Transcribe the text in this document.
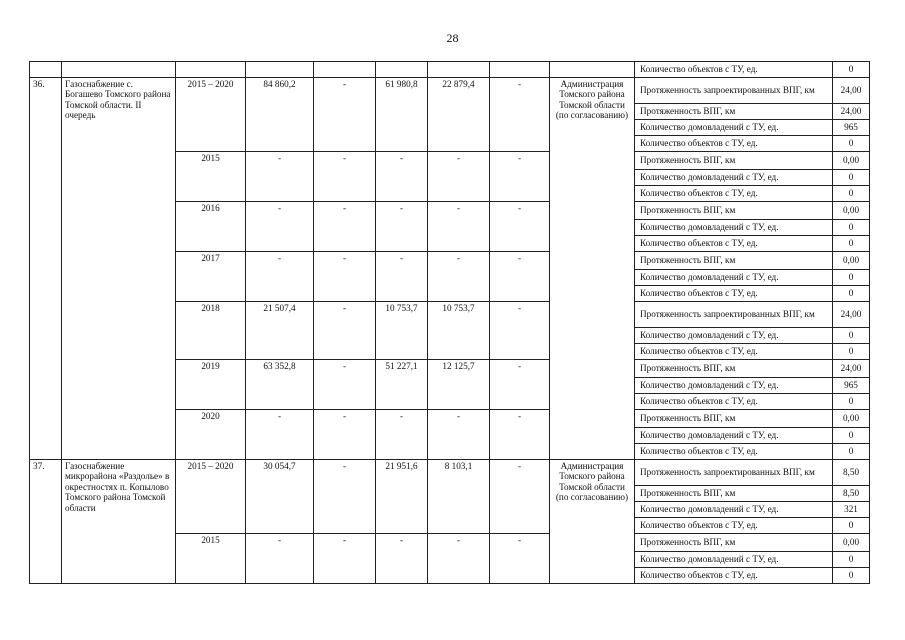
28
									Количество объектов с ТУ, ед.	0
36.	Газоснабжение с. Богашево Томского района Томской области. II очередь	2015 – 2020	84 860,2	-	61 980,8	22 879,4	-	Администрация Томского района Томской области (по согласованию)	Протяженность запроектированных ВПГ, км	24,00
									Протяженность ВПГ, км	24,00
									Количество домовладений с ТУ, ед.	965
									Количество объектов с ТУ, ед.	0
		2015	-	-	-	-	-		Протяженность ВПГ, км	0,00
									Количество домовладений с ТУ, ед.	0
									Количество объектов с ТУ, ед.	0
		2016	-	-	-	-	-		Протяженность ВПГ, км	0,00
									Количество домовладений с ТУ, ед.	0
									Количество объектов с ТУ, ед.	0
		2017	-	-	-	-	-		Протяженность ВПГ, км	0,00
									Количество домовладений с ТУ, ед.	0
									Количество объектов с ТУ, ед.	0
		2018	21 507,4	-	10 753,7	10 753,7	-		Протяженность запроектированных ВПГ, км	24,00
									Количество домовладений с ТУ, ед.	0
									Количество объектов с ТУ, ед.	0
		2019	63 352,8	-	51 227,1	12 125,7	-		Протяженность ВПГ, км	24,00
									Количество домовладений с ТУ, ед.	965
									Количество объектов с ТУ, ед.	0
		2020	-	-	-	-	-		Протяженность ВПГ, км	0,00
									Количество домовладений с ТУ, ед.	0
									Количество объектов с ТУ, ед.	0
37.	Газоснабжение микрорайона «Раздолье» в окрестностях п. Копылово Томского района Томской области	2015 – 2020	30 054,7	-	21 951,6	8 103,1	-	Администрация Томского района Томской области (по согласованию)	Протяженность запроектированных ВПГ, км	8,50
									Протяженность ВПГ, км	8,50
									Количество домовладений с ТУ, ед.	321
									Количество объектов с ТУ, ед.	0
		2015	-	-	-	-	-		Протяженность ВПГ, км	0,00
									Количество домовладений с ТУ, ед.	0
									Количество объектов с ТУ, ед.	0
